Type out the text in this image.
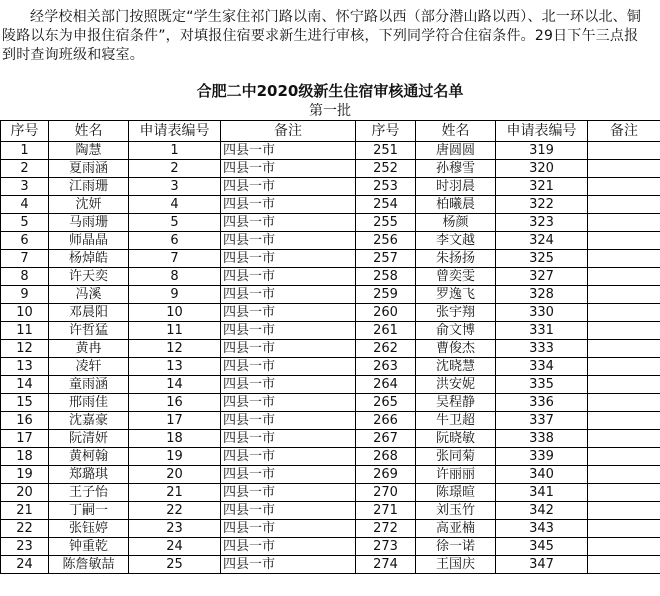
经学校相关部门按照既定“学生家住祁门路以南、怀宁路以西（部分潜山路以西）、北一环以北、铜陵路以东为申报住宿条件”，对填报住宿要求新生进行审核，下列同学符合住宿条件。29日下午三点报到时查询班级和寝室。
合肥二中2020级新生住宿审核通过名单
第一批
序号	姓名	申请表编号	备注	序号	姓名	申请表编号	备注
1	陶慧	1	四县一市	251	唐圆圆	319	
2	夏雨涵	2	四县一市	252	孙穆雪	320	
3	江雨珊	3	四县一市	253	时羽晨	321	
4	沈妍	4	四县一市	254	柏曦晨	322	
5	马雨珊	5	四县一市	255	杨颜	323	
6	师晶晶	6	四县一市	256	李文越	324	
7	杨焯皓	7	四县一市	257	朱扬扬	325	
8	许天奕	8	四县一市	258	曾奕雯	327	
9	冯溪	9	四县一市	259	罗逸飞	328	
10	邓晨阳	10	四县一市	260	张宇翔	330	
11	许哲猛	11	四县一市	261	俞文博	331	
12	黄冉	12	四县一市	262	曹俊杰	333	
13	凌轩	13	四县一市	263	沈晓慧	334	
14	童雨涵	14	四县一市	264	洪安妮	335	
15	邢雨佳	16	四县一市	265	吴程静	336	
16	沈嘉豪	17	四县一市	266	牛卫超	337	
17	阮清妍	18	四县一市	267	阮晓敏	338	
18	黄柯翰	19	四县一市	268	张同菊	339	
19	郑璐琪	20	四县一市	269	许丽丽	340	
20	王子怡	21	四县一市	270	陈璟暄	341	
21	丁嗣一	22	四县一市	271	刘玉竹	342	
22	张钰婷	23	四县一市	272	高亚楠	343	
23	钟重乾	24	四县一市	273	徐一诺	345	
24	陈詹敏喆	25	四县一市	274	王国庆	347	
